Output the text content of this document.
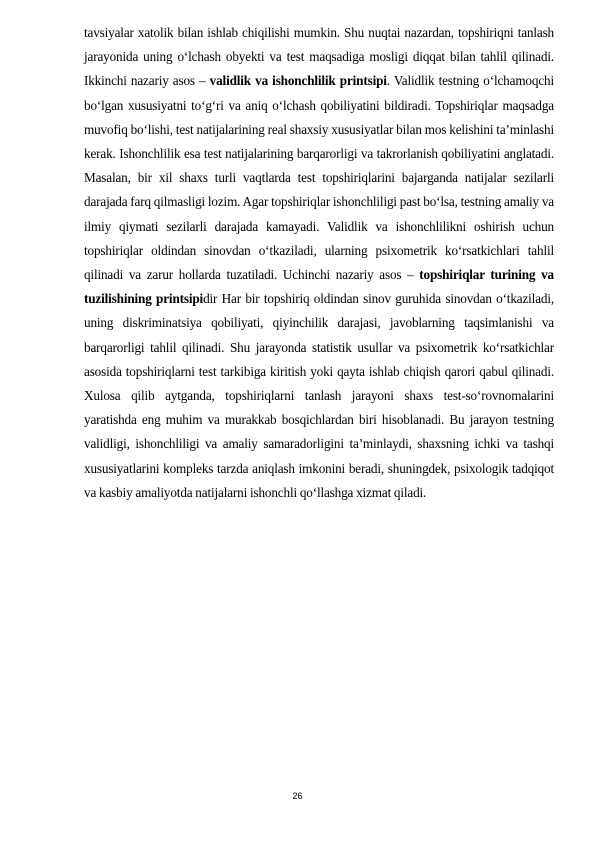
tavsiyalar xatolik bilan ishlab chiqilishi mumkin. Shu nuqtai nazardan, topshiriqni tanlash jarayonida uning o‘lchash obyekti va test maqsadiga mosligi diqqat bilan tahlil qilinadi. Ikkinchi nazariy asos – validlik va ishonchlilik printsipi. Validlik testning o‘lchamoqchi bo‘lgan xususiyatni to‘g‘ri va aniq o‘lchash qobiliyatini bildiradi. Topshiriqlar maqsadga muvofiq bo‘lishi, test natijalarining real shaxsiy xususiyatlar bilan mos kelishini ta’minlashi kerak. Ishonchlilik esa test natijalarining barqarorligi va takrorlanish qobiliyatini anglatadi. Masalan, bir xil shaxs turli vaqtlarda test topshiriqlarini bajarganda natijalar sezilarli darajada farq qilmasligi lozim. Agar topshiriqlar ishonchliligi past bo‘lsa, testning amaliy va ilmiy qiymati sezilarli darajada kamayadi. Validlik va ishonchlilikni oshirish uchun topshiriqlar oldindan sinovdan o‘tkaziladi, ularning psixometrik ko‘rsatkichlari tahlil qilinadi va zarur hollarda tuzatiladi. Uchinchi nazariy asos – topshiriqlar turining va tuzilishining printsipidir Har bir topshiriq oldindan sinov guruhida sinovdan o‘tkaziladi, uning diskriminatsiya qobiliyati, qiyinchilik darajasi, javoblarning taqsimlanishi va barqarorligi tahlil qilinadi. Shu jarayonda statistik usullar va psixometrik ko‘rsatkichlar asosida topshiriqlarni test tarkibiga kiritish yoki qayta ishlab chiqish qarori qabul qilinadi. Xulosa qilib aytganda, topshiriqlarni tanlash jarayoni shaxs test-so‘rovnomalarini yaratishda eng muhim va murakkab bosqichlardan biri hisoblanadi. Bu jarayon testning validligi, ishonchliligi va amaliy samaradorligini ta’minlaydi, shaxsning ichki va tashqi xususiyatlarini kompleks tarzda aniqlash imkonini beradi, shuningdek, psixologik tadqiqot va kasbiy amaliyotda natijalarni ishonchli qo‘llashga xizmat qiladi.

26
